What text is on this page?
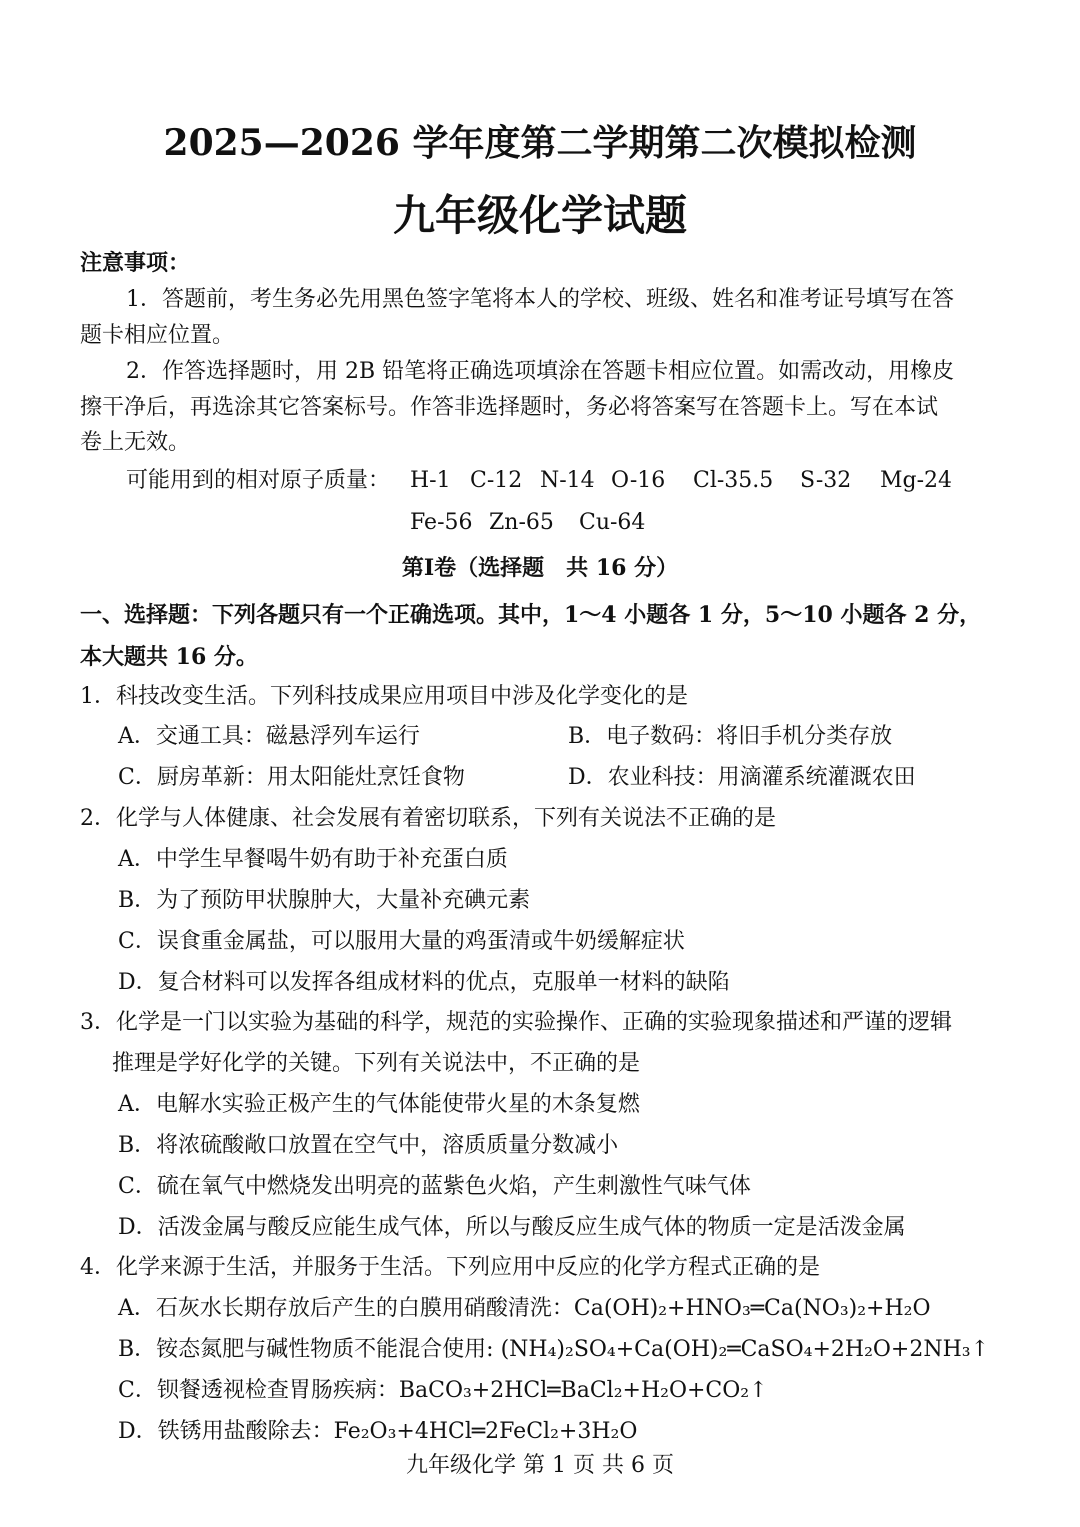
2025—2026 学年度第二学期第二次模拟检测
九年级化学试题
注意事项：
1．答题前，考生务必先用黑色签字笔将本人的学校、班级、姓名和准考证号填写在答
题卡相应位置。
2．作答选择题时，用 2B 铅笔将正确选项填涂在答题卡相应位置。如需改动，用橡皮
擦干净后，再选涂其它答案标号。作答非选择题时，务必将答案写在答题卡上。写在本试
卷上无效。
可能用到的相对原子质量： H-1 C-12 N-14 O-16 Cl-35.5 S-32 Mg-24
Fe-56 Zn-65 Cu-64
第Ⅰ卷（选择题　共 16 分）
一、选择题：下列各题只有一个正确选项。其中，1～4 小题各 1 分，5～10 小题各 2 分，
本大题共 16 分。
1．科技改变生活。下列科技成果应用项目中涉及化学变化的是
A．交通工具：磁悬浮列车运行	B．电子数码：将旧手机分类存放
C．厨房革新：用太阳能灶烹饪食物	D．农业科技：用滴灌系统灌溉农田
2．化学与人体健康、社会发展有着密切联系，下列有关说法不正确的是
A．中学生早餐喝牛奶有助于补充蛋白质
B．为了预防甲状腺肿大，大量补充碘元素
C．误食重金属盐，可以服用大量的鸡蛋清或牛奶缓解症状
D．复合材料可以发挥各组成材料的优点，克服单一材料的缺陷
3．化学是一门以实验为基础的科学，规范的实验操作、正确的实验现象描述和严谨的逻辑
推理是学好化学的关键。下列有关说法中，不正确的是
A．电解水实验正极产生的气体能使带火星的木条复燃
B．将浓硫酸敞口放置在空气中，溶质质量分数减小
C．硫在氧气中燃烧发出明亮的蓝紫色火焰，产生刺激性气味气体
D．活泼金属与酸反应能生成气体，所以与酸反应生成气体的物质一定是活泼金属
4．化学来源于生活，并服务于生活。下列应用中反应的化学方程式正确的是
A．石灰水长期存放后产生的白膜用硝酸清洗：Ca(OH)₂+HNO₃═Ca(NO₃)₂+H₂O
B．铵态氮肥与碱性物质不能混合使用: (NH₄)₂SO₄+Ca(OH)₂═CaSO₄+2H₂O+2NH₃↑
C．钡餐透视检查胃肠疾病：BaCO₃+2HCl═BaCl₂+H₂O+CO₂↑
D．铁锈用盐酸除去：Fe₂O₃+4HCl═2FeCl₂+3H₂O
九年级化学 第 1 页 共 6 页
